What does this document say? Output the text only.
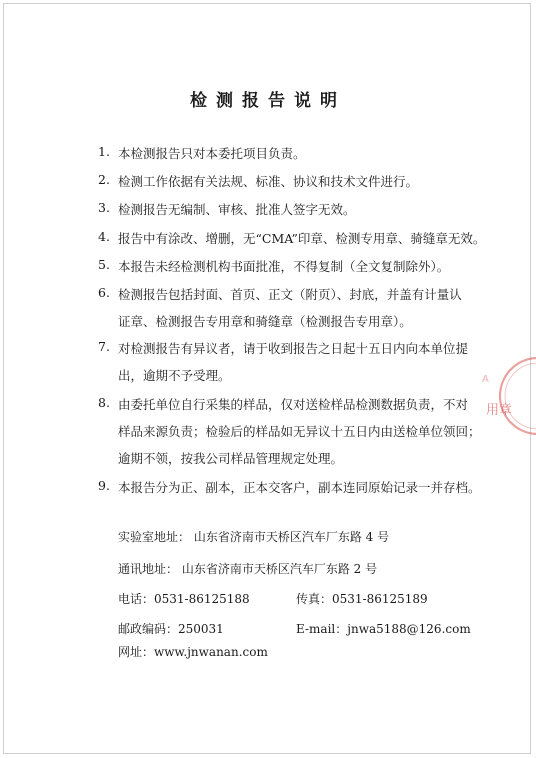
检测报告说明
1. 本检测报告只对本委托项目负责。
2. 检测工作依据有关法规、标准、协议和技术文件进行。
3. 检测报告无编制、审核、批准人签字无效。
4. 报告中有涂改、增删，无“CMA”印章、检测专用章、骑缝章无效。
5. 本报告未经检测机构书面批准，不得复制（全文复制除外）。
6. 检测报告包括封面、首页、正文（附页）、封底，并盖有计量认
证章、检测报告专用章和骑缝章（检测报告专用章）。
7. 对检测报告有异议者，请于收到报告之日起十五日内向本单位提
出，逾期不予受理。
8. 由委托单位自行采集的样品，仅对送检样品检测数据负责，不对
样品来源负责；检验后的样品如无异议十五日内由送检单位领回；
逾期不领，按我公司样品管理规定处理。
9. 本报告分为正、副本，正本交客户，副本连同原始记录一并存档。
实验室地址： 山东省济南市天桥区汽车厂东路 4 号
通讯地址： 山东省济南市天桥区汽车厂东路 2 号
电话：0531-86125188	传真：0531-86125189
邮政编码：250031	E-mail：jnwa5188@126.com
网址：www.jnwanan.com
用章
A
